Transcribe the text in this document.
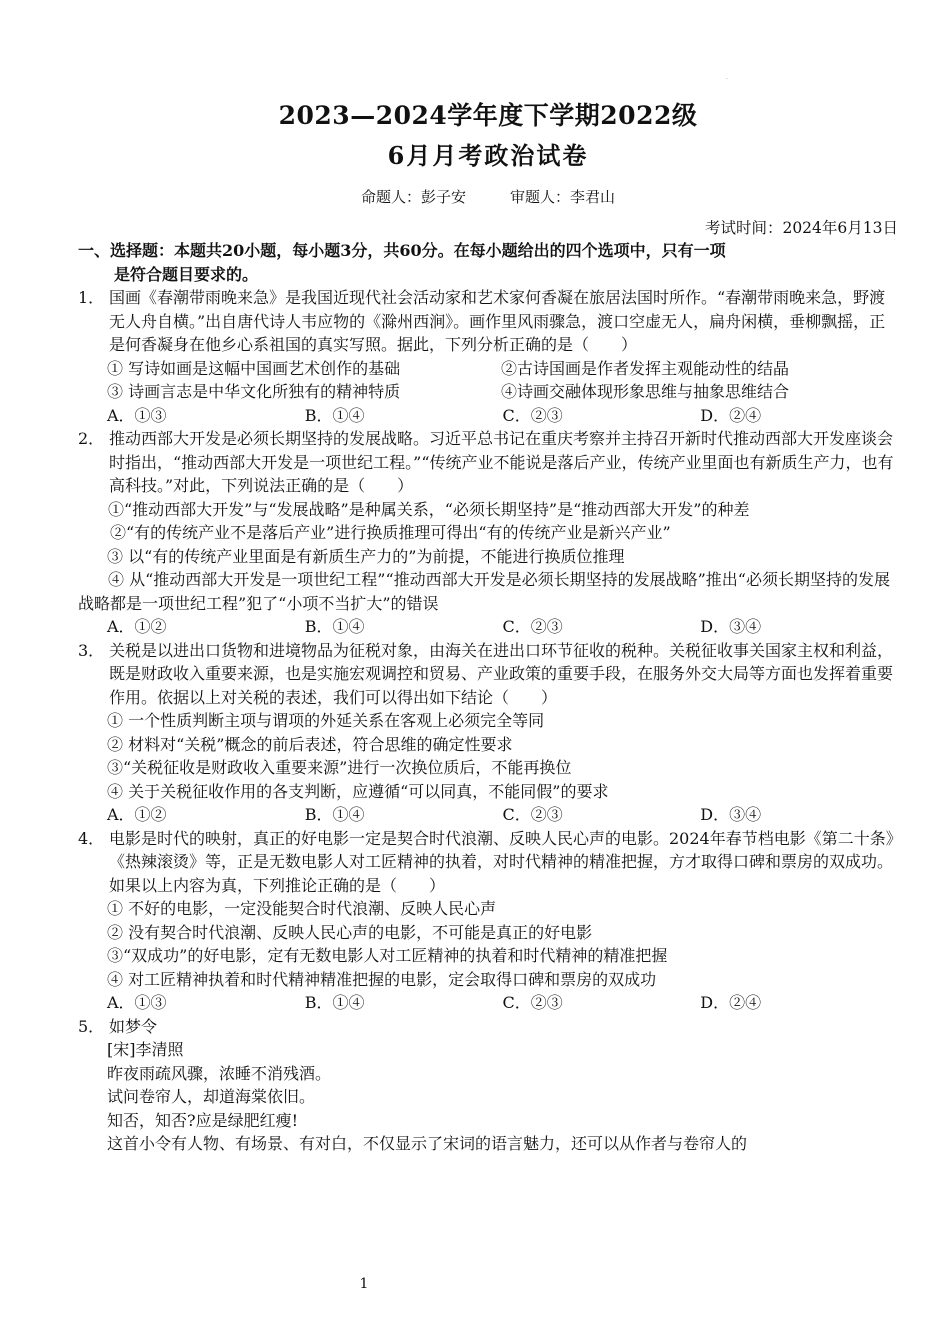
·
2023—2024学年度下学期2022级
6月月考政治试卷
命题人：彭子安	审题人：李君山
考试时间：2024年6月13日
一、选择题：本题共20小题，每小题3分，共60分。在每小题给出的四个选项中，只有一项
是符合题目要求的。
1． 国画《春潮带雨晚来急》是我国近现代社会活动家和艺术家何香凝在旅居法国时所作。“春潮带雨晚来急，野渡无人舟自横。”出自唐代诗人韦应物的《滁州西涧》。画作里风雨骤急，渡口空虚无人，扁舟闲横，垂柳飘摇，正是何香凝身在他乡心系祖国的真实写照。据此，下列分析正确的是（　　）
① 写诗如画是这幅中国画艺术创作的基础	②古诗国画是作者发挥主观能动性的结晶
③ 诗画言志是中华文化所独有的精神特质	④诗画交融体现形象思维与抽象思维结合
A．①③	B．①④	C．②③	D．②④
2． 推动西部大开发是必须长期坚持的发展战略。习近平总书记在重庆考察并主持召开新时代推动西部大开发座谈会时指出，“推动西部大开发是一项世纪工程。”“传统产业不能说是落后产业，传统产业里面也有新质生产力，也有高科技。”对此，下列说法正确的是（　　）
①“推动西部大开发”与“发展战略”是种属关系，“必须长期坚持”是“推动西部大开发”的种差
②“有的传统产业不是落后产业”进行换质推理可得出“有的传统产业是新兴产业”
③ 以“有的传统产业里面是有新质生产力的”为前提，不能进行换质位推理
④ 从“推动西部大开发是一项世纪工程”“推动西部大开发是必须长期坚持的发展战略”推出“必须长期坚持的发展战略都是一项世纪工程”犯了“小项不当扩大”的错误
A．①②	B．①④	C．②③	D．③④
3． 关税是以进出口货物和进境物品为征税对象，由海关在进出口环节征收的税种。关税征收事关国家主权和利益，既是财政收入重要来源，也是实施宏观调控和贸易、产业政策的重要手段，在服务外交大局等方面也发挥着重要作用。依据以上对关税的表述，我们可以得出如下结论（　　）
① 一个性质判断主项与谓项的外延关系在客观上必须完全等同
② 材料对“关税”概念的前后表述，符合思维的确定性要求
③“关税征收是财政收入重要来源”进行一次换位质后，不能再换位
④ 关于关税征收作用的各支判断，应遵循“可以同真，不能同假”的要求
A．①②	B．①④	C．②③	D．③④
4． 电影是时代的映射，真正的好电影一定是契合时代浪潮、反映人民心声的电影。2024年春节档电影《第二十条》《热辣滚烫》等，正是无数电影人对工匠精神的执着，对时代精神的精准把握，方才取得口碑和票房的双成功。如果以上内容为真，下列推论正确的是（　　）
① 不好的电影，一定没能契合时代浪潮、反映人民心声
② 没有契合时代浪潮、反映人民心声的电影，不可能是真正的好电影
③“双成功”的好电影，定有无数电影人对工匠精神的执着和时代精神的精准把握
④ 对工匠精神执着和时代精神精准把握的电影，定会取得口碑和票房的双成功
A．①③	B．①④	C．②③	D．②④
5． 如梦令
[宋]李清照
昨夜雨疏风骤，浓睡不消残酒。
试问卷帘人，却道海棠依旧。
知否，知否?应是绿肥红瘦!
这首小令有人物、有场景、有对白，不仅显示了宋词的语言魅力，还可以从作者与卷帘人的
1
